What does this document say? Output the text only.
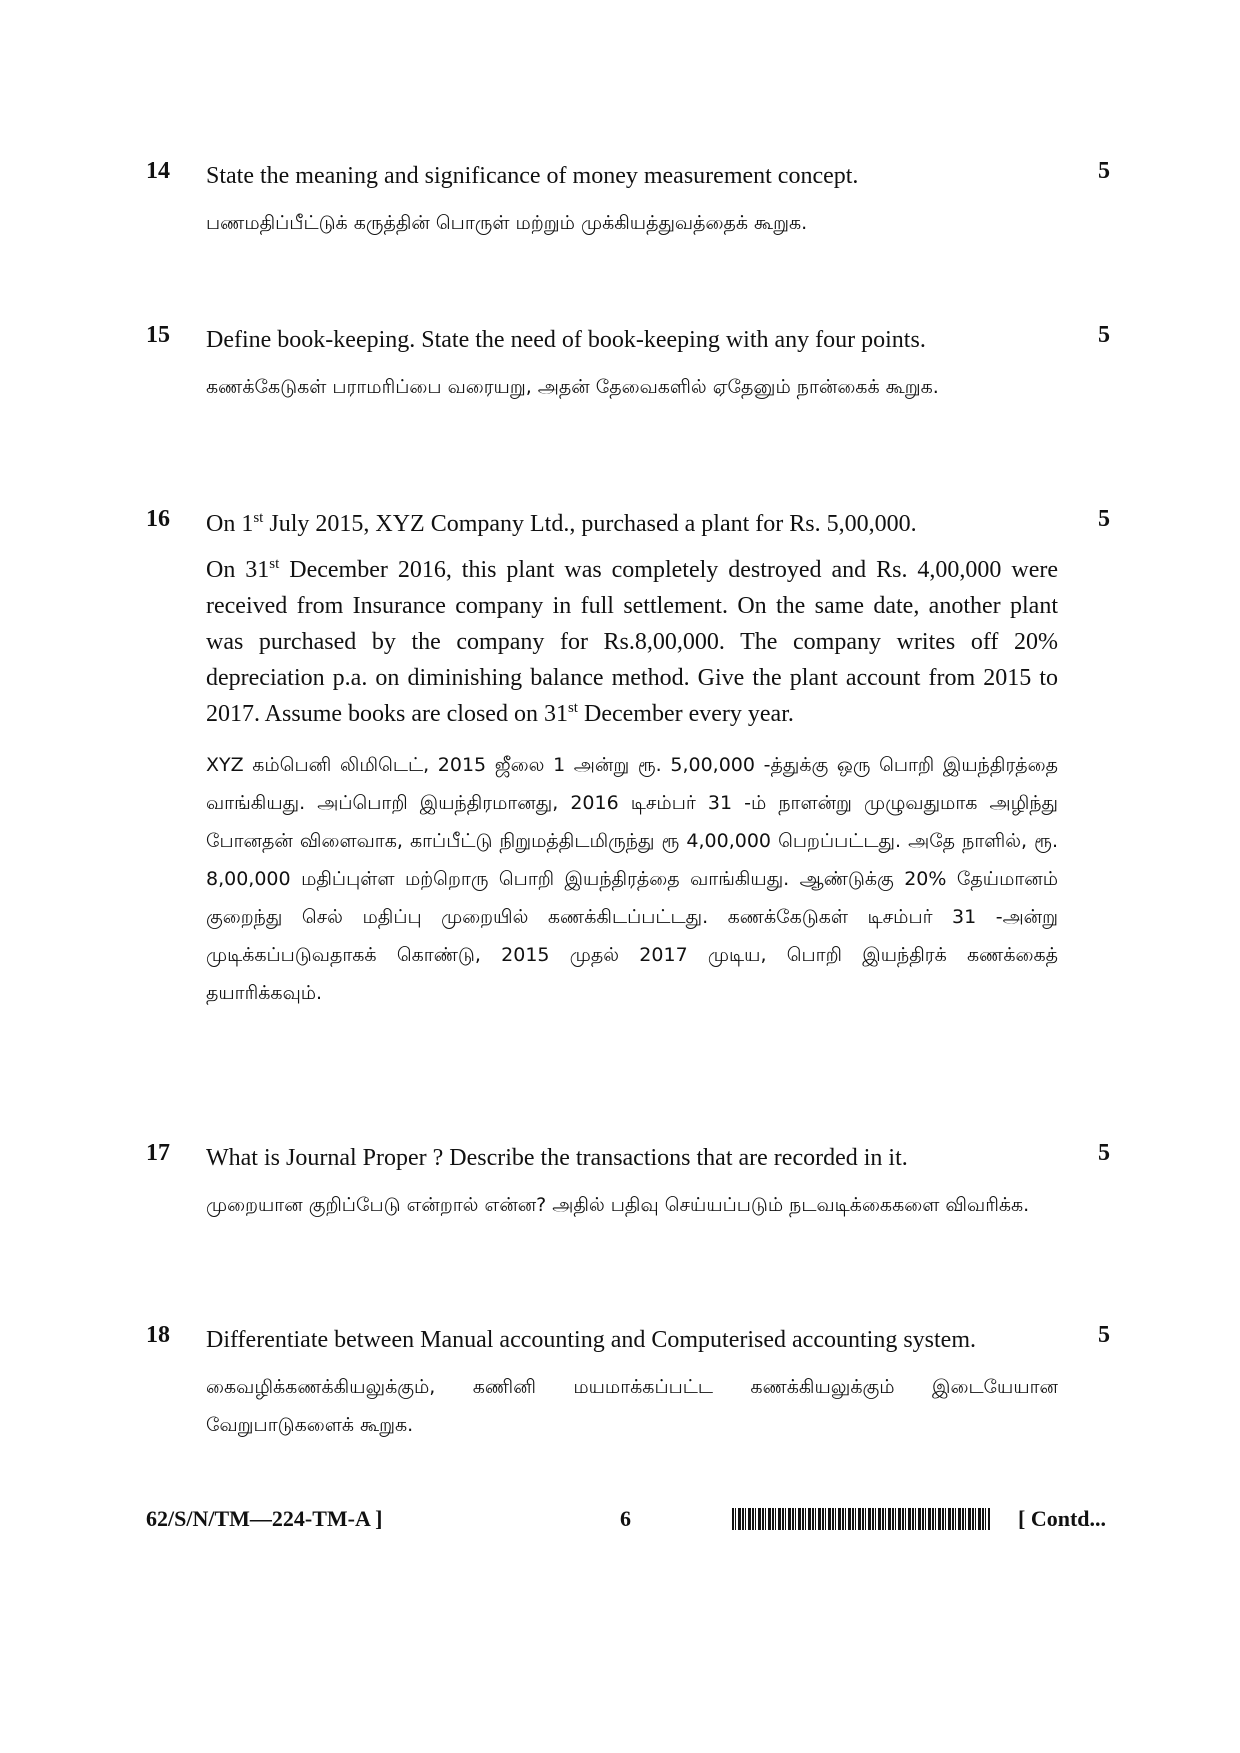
14 State the meaning and significance of money measurement concept.
பணமதிப்பீட்டுக் கருத்தின் பொருள் மற்றும் முக்கியத்துவத்தைக் கூறுக.
5
15 Define book-keeping. State the need of book-keeping with any four points.
கணக்கேடுகள் பராமரிப்பை வரையறு, அதன் தேவைகளில் ஏதேனும் நான்கைக் கூறுக.
5
16 On 1st July 2015, XYZ Company Ltd., purchased a plant for Rs. 5,00,000.
On 31st December 2016, this plant was completely destroyed and Rs. 4,00,000 were received from Insurance company in full settlement. On the same date, another plant was purchased by the company for Rs.8,00,000. The company writes off 20% depreciation p.a. on diminishing balance method. Give the plant account from 2015 to 2017. Assume books are closed on 31st December every year.
XYZ கம்பெனி லிமிடெட், 2015 ஜீலை 1 அன்று ரூ. 5,00,000 -த்துக்கு ஒரு பொறி இயந்திரத்தை வாங்கியது. அப்பொறி இயந்திரமானது, 2016 டிசம்பர் 31 -ம் நாளன்று முழுவதுமாக அழிந்து போனதன் விளைவாக, காப்பீட்டு நிறுமத்திடமிருந்து ரூ 4,00,000 பெறப்பட்டது. அதே நாளில், ரூ. 8,00,000 மதிப்புள்ள மற்றொரு பொறி இயந்திரத்தை வாங்கியது. ஆண்டுக்கு 20% தேய்மானம் குறைந்து செல் மதிப்பு முறையில் கணக்கிடப்பட்டது. கணக்கேடுகள் டிசம்பர் 31 -அன்று முடிக்கப்படுவதாகக் கொண்டு, 2015 முதல் 2017 முடிய, பொறி இயந்திரக் கணக்கைத் தயாரிக்கவும்.
5
17 What is Journal Proper ? Describe the transactions that are recorded in it.
முறையான குறிப்பேடு என்றால் என்ன? அதில் பதிவு செய்யப்படும் நடவடிக்கைகளை விவரிக்க.
5
18 Differentiate between Manual accounting and Computerised accounting system.
கைவழிக்கணக்கியலுக்கும், கணினி மயமாக்கப்பட்ட கணக்கியலுக்கும் இடையேயான வேறுபாடுகளைக் கூறுக.
5
62/S/N/TM—224-TM-A ]	6	[ Contd...
